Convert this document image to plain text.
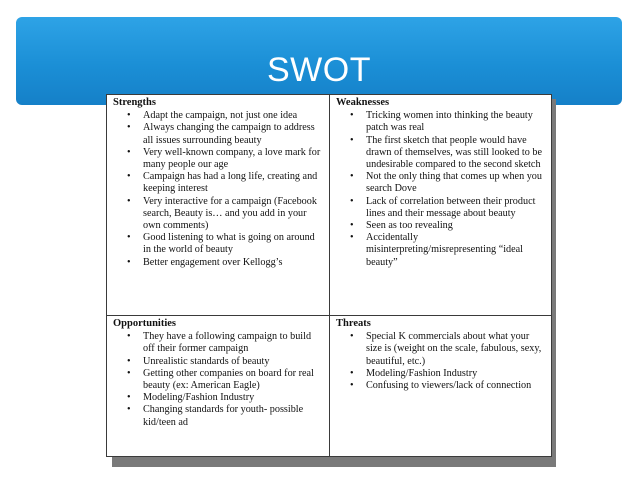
SWOT
Strengths
• Adapt the campaign, not just one idea
• Always changing the campaign to address all issues surrounding beauty
• Very well-known company, a love mark for many people our age
• Campaign has had a long life, creating and keeping interest
• Very interactive for a campaign (Facebook search, Beauty is… and you add in your own comments)
• Good listening to what is going on around in the world of beauty
• Better engagement over Kellogg’s
Weaknesses
• Tricking women into thinking the beauty patch was real
• The first sketch that people would have drawn of themselves, was still looked to be undesirable compared to the second sketch
• Not the only thing that comes up when you search Dove
• Lack of correlation between their product lines and their message about beauty
• Seen as too revealing
• Accidentally misinterpreting/misrepresenting “ideal beauty”
Opportunities
• They have a following campaign to build off their former campaign
• Unrealistic standards of beauty
• Getting other companies on board for real beauty (ex: American Eagle)
• Modeling/Fashion Industry
• Changing standards for youth- possible kid/teen ad
Threats
• Special K commercials about what your size is (weight on the scale, fabulous, sexy, beautiful, etc.)
• Modeling/Fashion Industry
• Confusing to viewers/lack of connection
